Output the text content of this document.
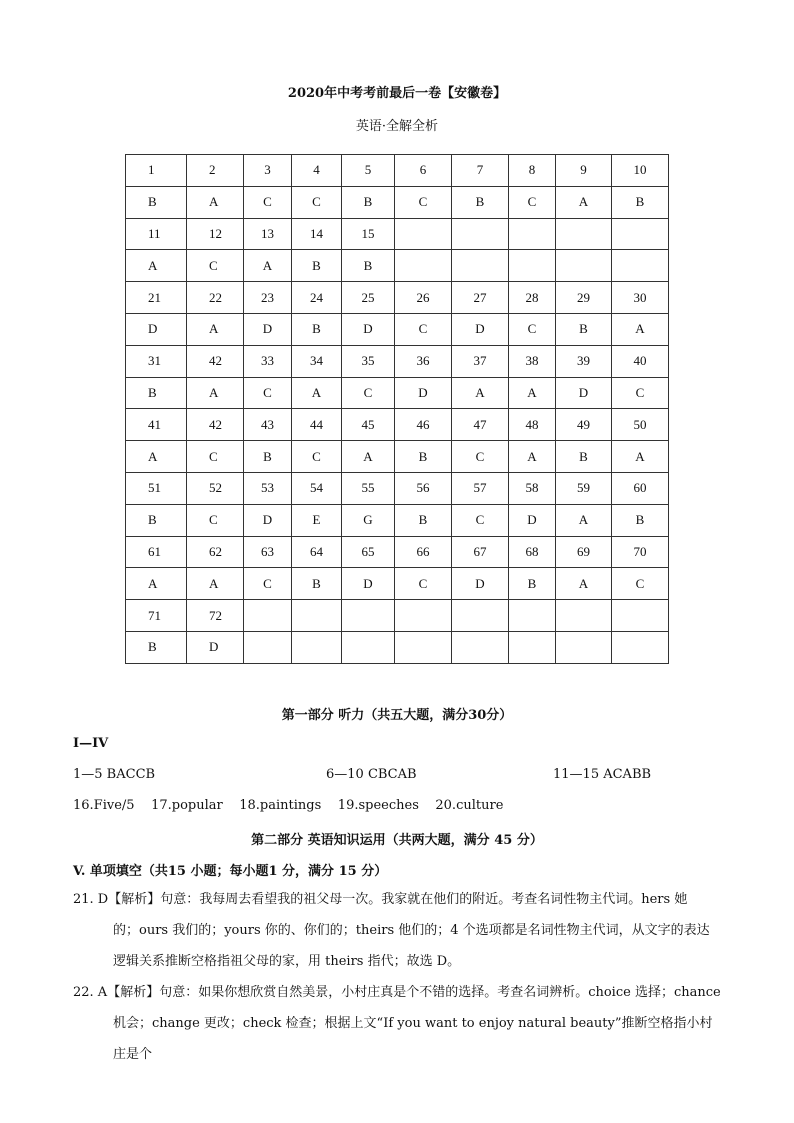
2020年中考考前最后一卷【安徽卷】
英语·全解全析
1	2	3	4	5	6	7	8	9	10
B	A	C	C	B	C	B	C	A	B
11	12	13	14	15					
A	C	A	B	B					
21	22	23	24	25	26	27	28	29	30
D	A	D	B	D	C	D	C	B	A
31	42	33	34	35	36	37	38	39	40
B	A	C	A	C	D	A	A	D	C
41	42	43	44	45	46	47	48	49	50
A	C	B	C	A	B	C	A	B	A
51	52	53	54	55	56	57	58	59	60
B	C	D	E	G	B	C	D	A	B
61	62	63	64	65	66	67	68	69	70
A	A	C	B	D	C	D	B	A	C
71	72								
B	D								
第一部分 听力（共五大题，满分30分）
I—IV
1—5 BACCB	6—10 CBCAB	11—15 ACABB
16.Five/5    17.popular    18.paintings    19.speeches    20.culture
第二部分 英语知识运用（共两大题，满分 45 分）
V. 单项填空（共15 小题；每小题1 分，满分 15 分）
21. D【解析】句意：我每周去看望我的祖父母一次。我家就在他们的附近。考查名词性物主代词。hers 她
的；ours 我们的；yours 你的、你们的；theirs 他们的；4 个选项都是名词性物主代词，从文字的表达
逻辑关系推断空格指祖父母的家，用 theirs 指代；故选 D。
22. A【解析】句意：如果你想欣赏自然美景，小村庄真是个不错的选择。考查名词辨析。choice 选择；chance
机会；change 更改；check 检查；根据上文“If you want to enjoy natural beauty”推断空格指小村庄是个
